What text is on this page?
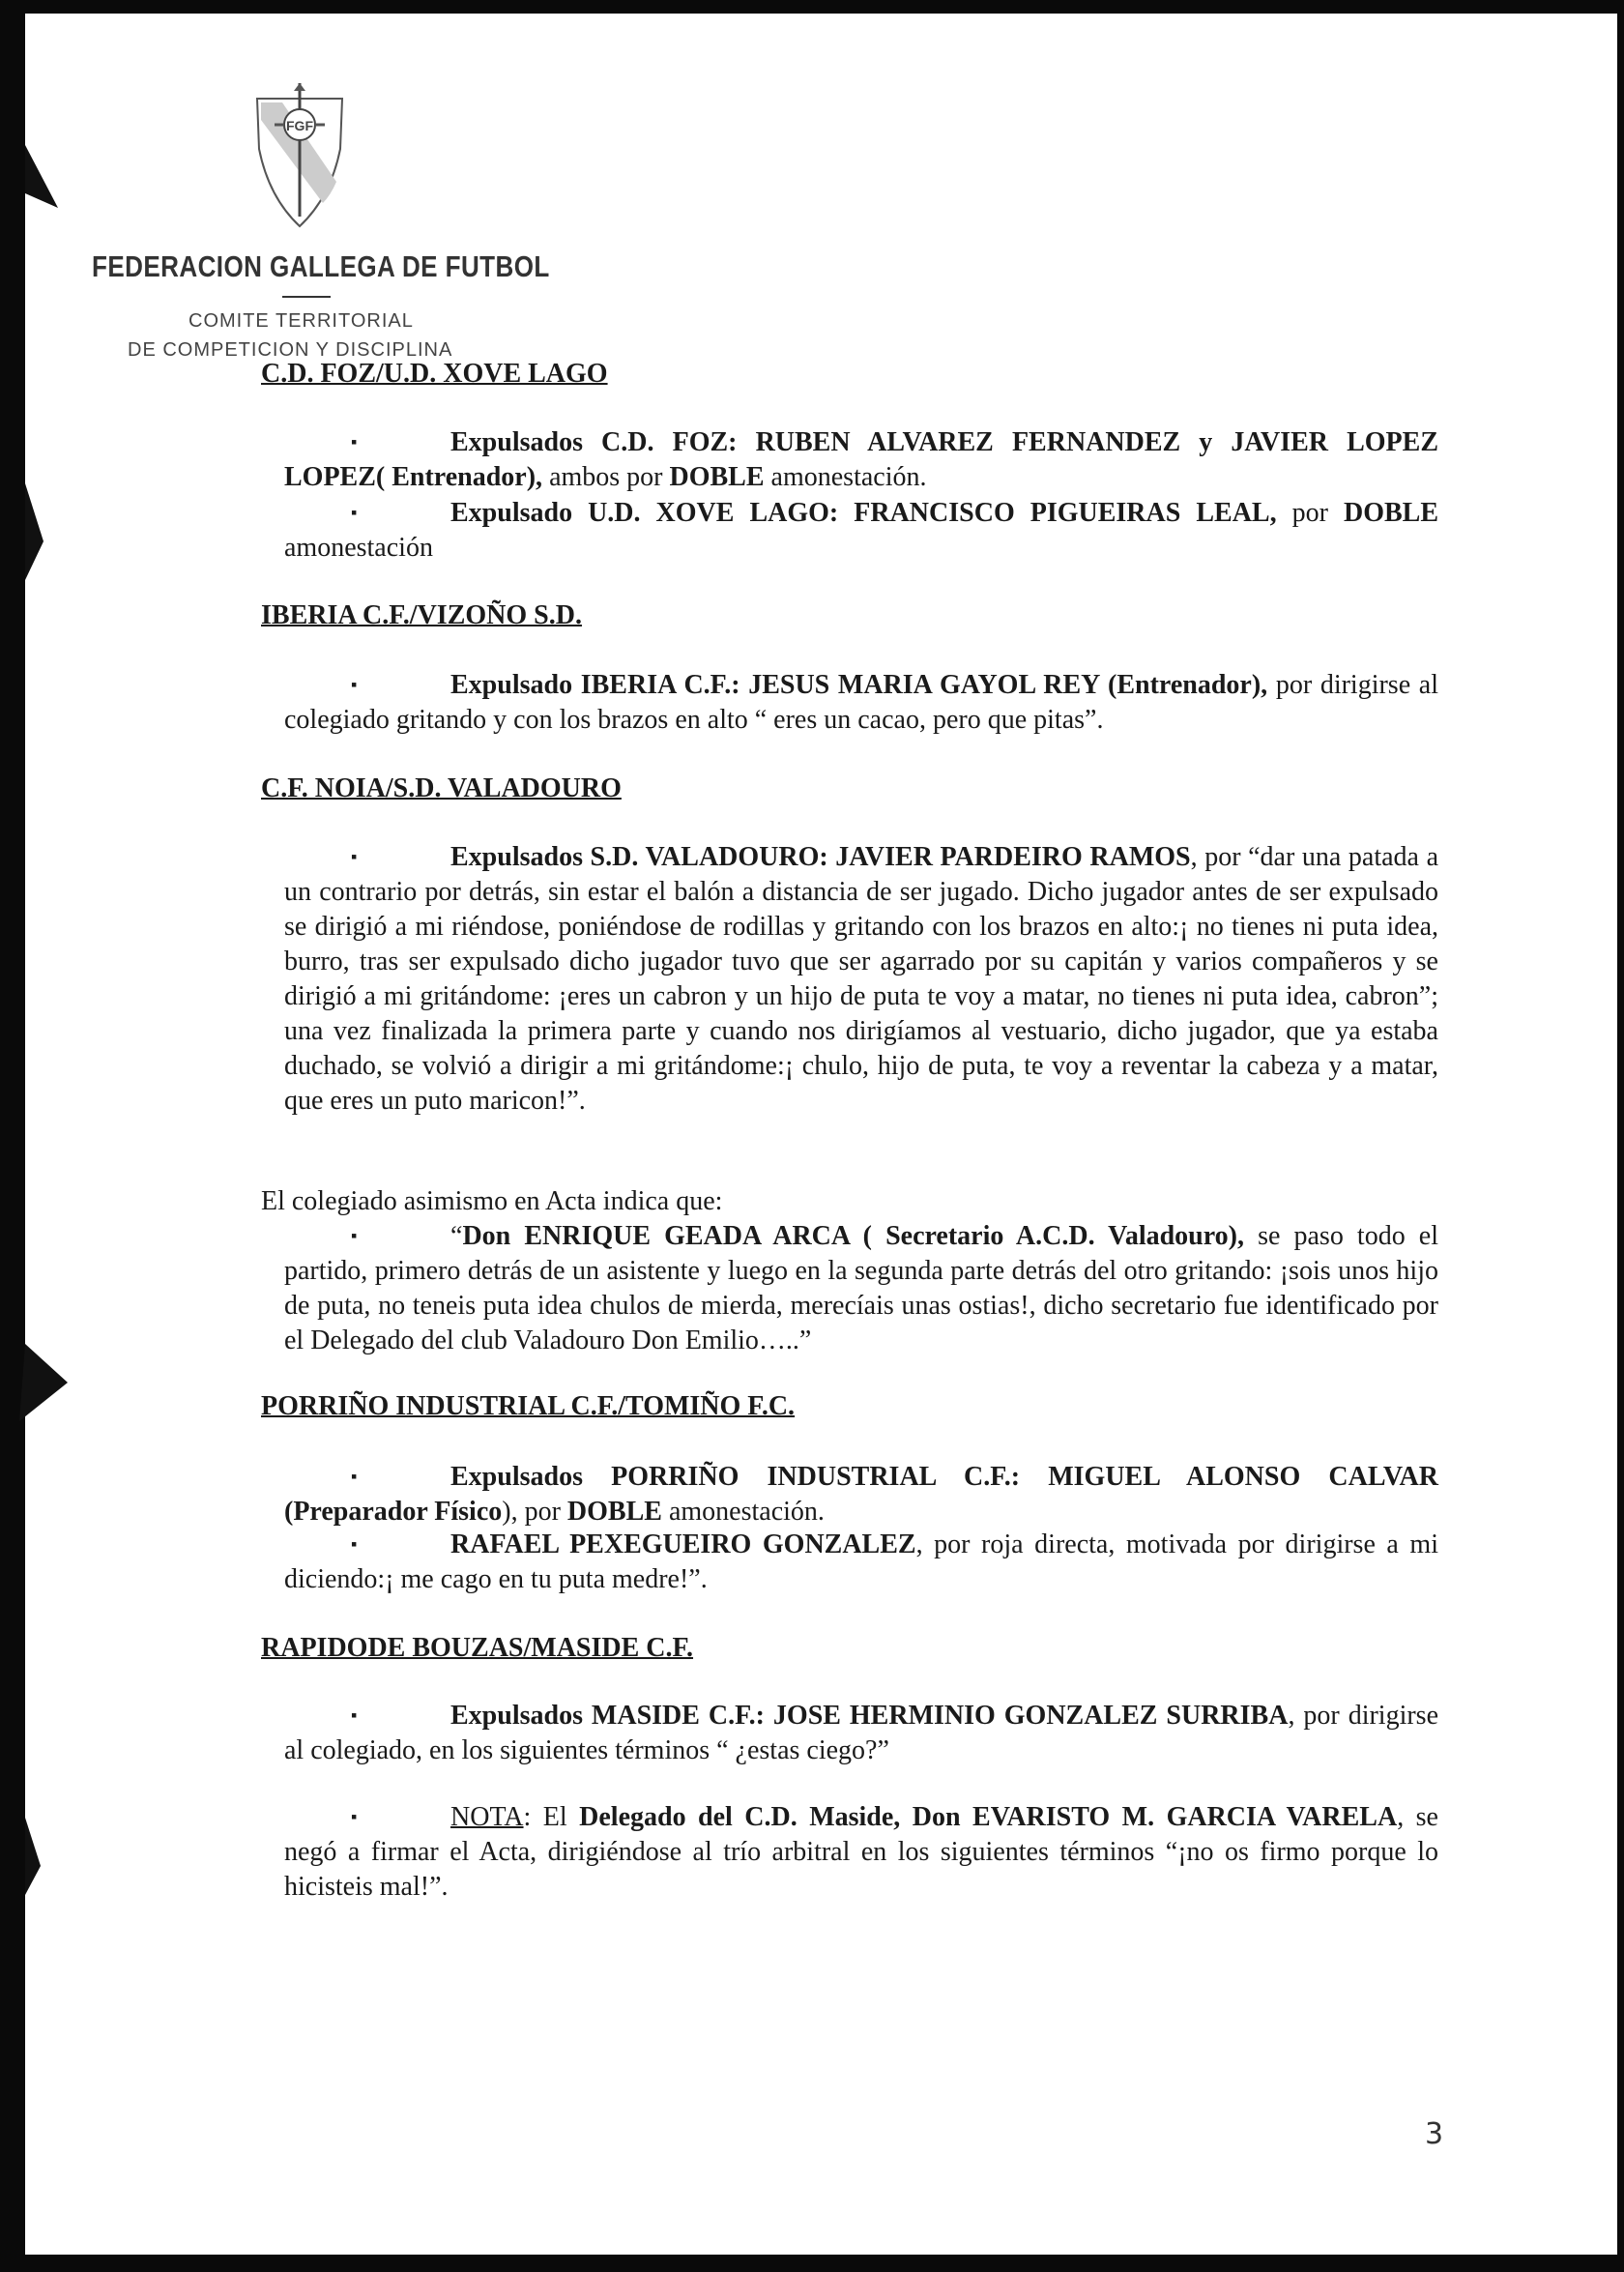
FGF
FEDERACION GALLEGA DE FUTBOL
COMITE TERRITORIAL
DE COMPETICION Y DISCIPLINA
C.D. FOZ/U.D. XOVE LAGO
▪	Expulsados C.D. FOZ: RUBEN ALVAREZ FERNANDEZ y JAVIER LOPEZ LOPEZ( Entrenador), ambos por DOBLE amonestación.
▪	Expulsado U.D. XOVE LAGO: FRANCISCO PIGUEIRAS LEAL, por DOBLE amonestación
IBERIA C.F./VIZOÑO S.D.
▪	Expulsado IBERIA C.F.: JESUS MARIA GAYOL REY (Entrenador), por dirigirse al colegiado gritando y con los brazos en alto “ eres un cacao, pero que pitas”.
C.F. NOIA/S.D. VALADOURO
▪	Expulsados S.D. VALADOURO: JAVIER PARDEIRO RAMOS, por “dar una patada a un contrario por detrás, sin estar el balón a distancia de ser jugado. Dicho jugador antes de ser expulsado se dirigió a mi riéndose, poniéndose de rodillas y gritando con los brazos en alto:¡ no tienes ni puta idea, burro, tras ser expulsado dicho jugador tuvo que ser agarrado por su capitán y varios compañeros y se dirigió a mi gritándome: ¡eres un cabron y un hijo de puta te voy a matar, no tienes ni puta idea, cabron”; una vez finalizada la primera parte y cuando nos dirigíamos al vestuario, dicho jugador, que ya estaba duchado, se volvió a dirigir a mi gritándome:¡ chulo, hijo de puta, te voy a reventar la cabeza y a matar, que eres un puto maricon!”.
El colegiado asimismo en Acta indica que:
▪	“Don ENRIQUE GEADA ARCA ( Secretario A.C.D. Valadouro), se paso todo el partido, primero detrás de un asistente y luego en la segunda parte detrás del otro gritando: ¡sois unos hijo de puta, no teneis puta idea chulos de mierda, merecíais unas ostias!, dicho secretario fue identificado por el Delegado del club Valadouro Don Emilio…..”
PORRIÑO INDUSTRIAL C.F./TOMIÑO F.C.
▪	Expulsados PORRIÑO INDUSTRIAL C.F.: MIGUEL ALONSO CALVAR (Preparador Físico), por DOBLE amonestación.
▪	RAFAEL PEXEGUEIRO GONZALEZ, por roja directa, motivada por dirigirse a mi diciendo:¡ me cago en tu puta medre!”.
RAPIDODE BOUZAS/MASIDE C.F.
▪	Expulsados MASIDE C.F.: JOSE HERMINIO GONZALEZ SURRIBA, por dirigirse al colegiado, en los siguientes términos “ ¿estas ciego?”
▪	NOTA: El Delegado del C.D. Maside, Don EVARISTO M. GARCIA VARELA, se negó a firmar el Acta, dirigiéndose al trío arbitral en los siguientes términos “¡no os firmo porque lo hicisteis mal!”.
3
